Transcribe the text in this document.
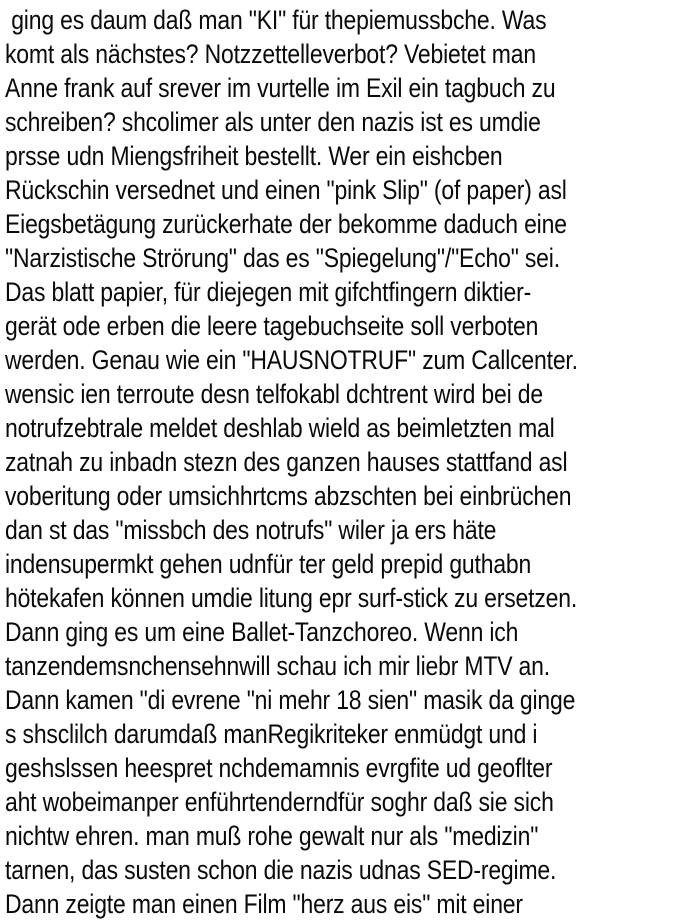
ging es daum daß man "KI" für thepiemussbche. Was
komt als nächstes? Notzzettelleverbot? Vebietet man
Anne frank auf srever im vurtelle im Exil ein tagbuch zu
schreiben? shcolimer als unter den nazis ist es umdie
prsse udn Miengsfriheit bestellt. Wer ein eishcben
Rückschin versednet und einen "pink Slip" (of paper) asl
Eiegsbetägung zurückerhate der bekomme daduch eine
"Narzistische Strörung" das es "Spiegelung"/"Echo" sei.
Das blatt papier, für diejegen mit gifchtfingern diktier-
gerät ode erben die leere tagebuchseite soll verboten
werden. Genau wie ein "HAUSNOTRUF" zum Callcenter.
wensic ien terroute desn telfokabl dchtrent wird bei de
notrufzebtrale meldet deshlab wield as beimletzten mal
zatnah zu inbadn stezn des ganzen hauses stattfand asl
voberitung oder umsichhrtcms abzschten bei einbrüchen
dan st das "missbch des notrufs" wiler ja ers häte
indensupermkt gehen udnfür ter geld prepid guthabn
hötekafen können umdie litung epr surf-stick zu ersetzen.
Dann ging es um eine Ballet-Tanzchoreo. Wenn ich
tanzendemsnchensehnwill schau ich mir liebr MTV an.
Dann kamen "di evrene "ni mehr 18 sien" masik da ginge
s shsclilch darumdaß manRegikriteker enmüdgt und i
geshslssen heespret nchdemamnis evrgfite ud geoflter
aht wobeimanper enführtenderndfür soghr daß sie sich
nichtw ehren. man muß rohe gewalt nur als "medizin"
tarnen, das susten schon die nazis udnas SED-regime.
Dann zeigte man einen Film "herz aus eis" mit einer
